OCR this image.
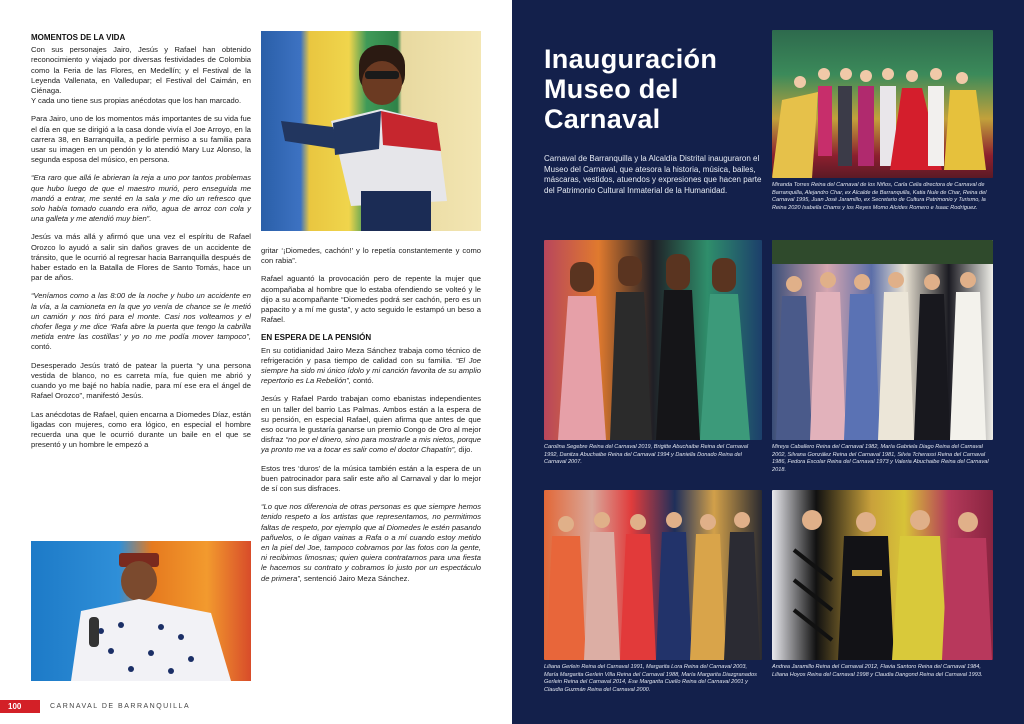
MOMENTOS DE LA VIDA

Con sus personajes Jairo, Jesús y Rafael han obtenido reconocimiento y viajado por diversas festividades de Colombia como la Feria de las Flores, en Medellín; y el Festival de la Leyenda Vallenata, en Valledupar; el Festival del Caimán, en Ciénaga.

Y cada uno tiene sus propias anécdotas que los han marcado.

Para Jairo, uno de los momentos más importantes de su vida fue el día en que se dirigió a la casa donde vivía el Joe Arroyo, en la carrera 38, en Barranquilla, a pedirle permiso a su familia para usar su imagen en un pendón y lo atendió Mary Luz Alonso, la segunda esposa del músico, en persona.

“Era raro que allá le abrieran la reja a uno por tantos problemas que hubo luego de que el maestro murió, pero enseguida me mandó a entrar, me senté en la sala y me dio un refresco que solo había tomado cuando era niño, agua de arroz con cola y una galleta y me atendió muy bien”.

Jesús va más allá y afirmó que una vez el espíritu de Rafael Orozco lo ayudó a salir sin daños graves de un accidente de tránsito, que le ocurrió al regresar hacia Barranquilla después de haber estado en la Batalla de Flores de Santo Tomás, hace un par de años.

“Veníamos como a las 8:00 de la noche y hubo un accidente en la vía, a la camioneta en la que yo venía de chance se le metió un camión y nos tiró para el monte. Casi nos volteamos y el chofer llega y me dice ‘Rafa abre la puerta que tengo la cabrilla metida entre las costillas’ y yo no me podía mover tampoco”, contó.

Desesperado Jesús trató de patear la puerta “y una persona vestida de blanco, no es carreta mía, fue quien me abrió y cuando yo me bajé no había nadie, para mí ese era el ángel de Rafael Orozco”, manifestó Jesús.

Las anécdotas de Rafael, quien encarna a Diomedes Díaz, están ligadas con mujeres, como era lógico, en especial el hombre recuerda una que le ocurrió durante un baile en el que se presentó y un hombre le empezó a

gritar ‘¡Diomedes, cachón!’ y lo repetía constantemente y como con rabia”.

Rafael aguantó la provocación pero de repente la mujer que acompañaba al hombre que lo estaba ofendiendo se volteó y le dijo a su acompañante “Diomedes podrá ser cachón, pero es un papacito y a mí me gusta”, y acto seguido le estampó un beso a Rafael.

EN ESPERA DE LA PENSIÓN

En su cotidianidad Jairo Meza Sánchez trabaja como técnico de refrigeración y pasa tiempo de calidad con su familia. “El Joe siempre ha sido mi único ídolo y mi canción favorita de su amplio repertorio es La Rebelión”, contó.

Jesús y Rafael Pardo trabajan como ebanistas independientes en un taller del barrio Las Palmas. Ambos están a la espera de su pensión, en especial Rafael, quien afirma que antes de que eso ocurra le gustaría ganarse un premio Congo de Oro al mejor disfraz “no por el dinero, sino para mostrarle a mis nietos, porque ya pronto me va a tocar es salir como el doctor Chapatín”, dijo.

Estos tres ‘duros’ de la música también están a la espera de un buen patrocinador para salir este año al Carnaval y dar lo mejor de sí con sus disfraces.

“Lo que nos diferencia de otras personas es que siempre hemos tenido respeto a los artistas que representamos, no permitimos faltas de respeto, por ejemplo que al Diomedes le estén pasando pañuelos, o le digan vainas a Rafa o a mí cuando estoy metido en la piel del Joe, tampoco cobramos por las fotos con la gente, ni recibimos limosnas; quien quiera contratarnos para una fiesta le hacemos su contrato y cobramos lo justo por un espectáculo de primera”, sentenció Jairo Meza Sánchez.

100	CARNAVAL DE BARRANQUILLA
Inauguración Museo del Carnaval
Carnaval de Barranquilla y la Alcaldía Distrital inauguraron el Museo del Carnaval, que atesora la historia, música, bailes, máscaras, vestidos, atuendos y expresiones que hacen parte del Patrimonio Cultural Inmaterial de la Humanidad.
Miranda Torres Reina del Carnaval de los Niños, Carla Celia directora de Carnaval de Barranquilla, Alejandro Char, ex Alcalde de Barranquilla, Katia Nule de Char, Reina del Carnaval 1995, Juan José Jaramillo, ex Secretario de Cultura Patrimonio y Turismo, la Reina 2020 Isabella Chams y los Reyes Momo Alcides Romero e Isaac Rodríguez.
Carolina Segebre Reina del Carnaval 2019, Brigitte Abuchaibe Reina del Carnaval 1992, Danitza Abuchaibe Reina del Carnaval 1994 y Daniella Donado Reina del Carnaval 2007.
Mireya Caballero Reina del Carnaval 1982, María Gabriela Diago Reina del Carnaval 2002, Silvana González Reina del Carnaval 1981, Silvia Tcherassi Reina del Carnaval 1986, Fedora Escolar Reina del Carnaval 1973 y Valeria Abuchaibe Reina del Carnaval 2018.
Liliana Gerlein Reina del Carnaval 1991, Margarita Lora Reina del Carnaval 2003, María Margarita Gerlein Villa Reina del Carnaval 1988, María Margarita Diazgranados Gerlein Reina del Carnaval 2014, Ese Margarita Cuello Reina del Carnaval 2001 y Claudia Guzmán Reina del Carnaval 2000.
Andrea Jaramillo Reina del Carnaval 2012, Flavia Santoro Reina del Carnaval 1984, Liliana Hoyos Reina del Carnaval 1998 y Claudia Dangond Reina del Carnaval 1993.
